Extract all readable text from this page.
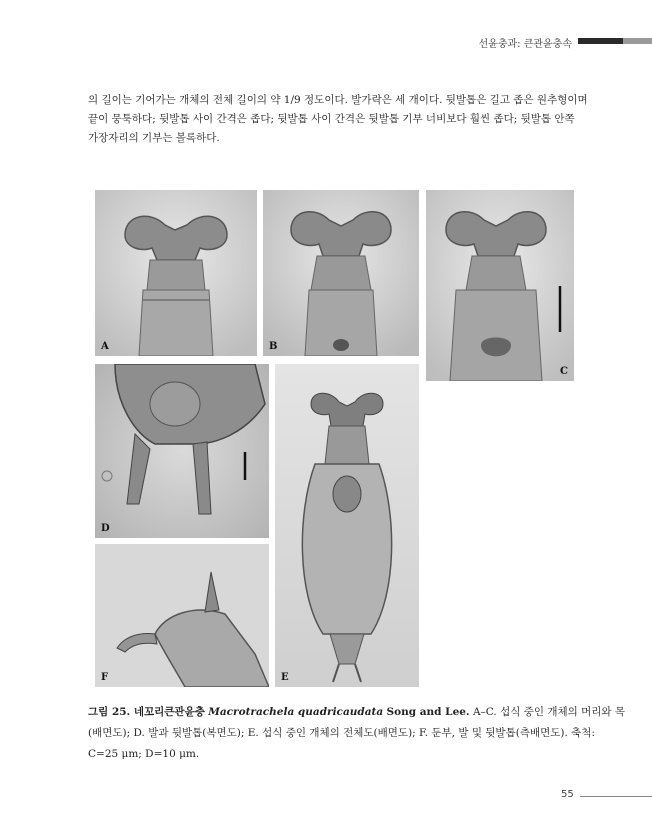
선윤충과: 큰관윤충속

의 길이는 기어가는 개체의 전체 길이의 약 1/9 정도이다. 발가락은 세 개이다. 뒷발톱은 길고 좁은 원추형이며

끝이 뭉툭하다; 뒷발톱 사이 간격은 좁다; 뒷발톱 사이 간격은 뒷발톱 기부 너비보다 훨씬 좁다; 뒷발톱 안쪽

가장자리의 기부는 볼록하다.

A	B
C
D
E
F

그림 25. 네꼬리큰관윤충 Macrotrachela quadricaudata Song and Lee. A–C. 섭식 중인 개체의 머리와 목

(배면도); D. 발과 뒷발톱(복면도); E. 섭식 중인 개체의 전체도(배면도); F. 둔부, 발 및 뒷발톱(측배면도). 축척:

C=25 μm; D=10 μm.

55
